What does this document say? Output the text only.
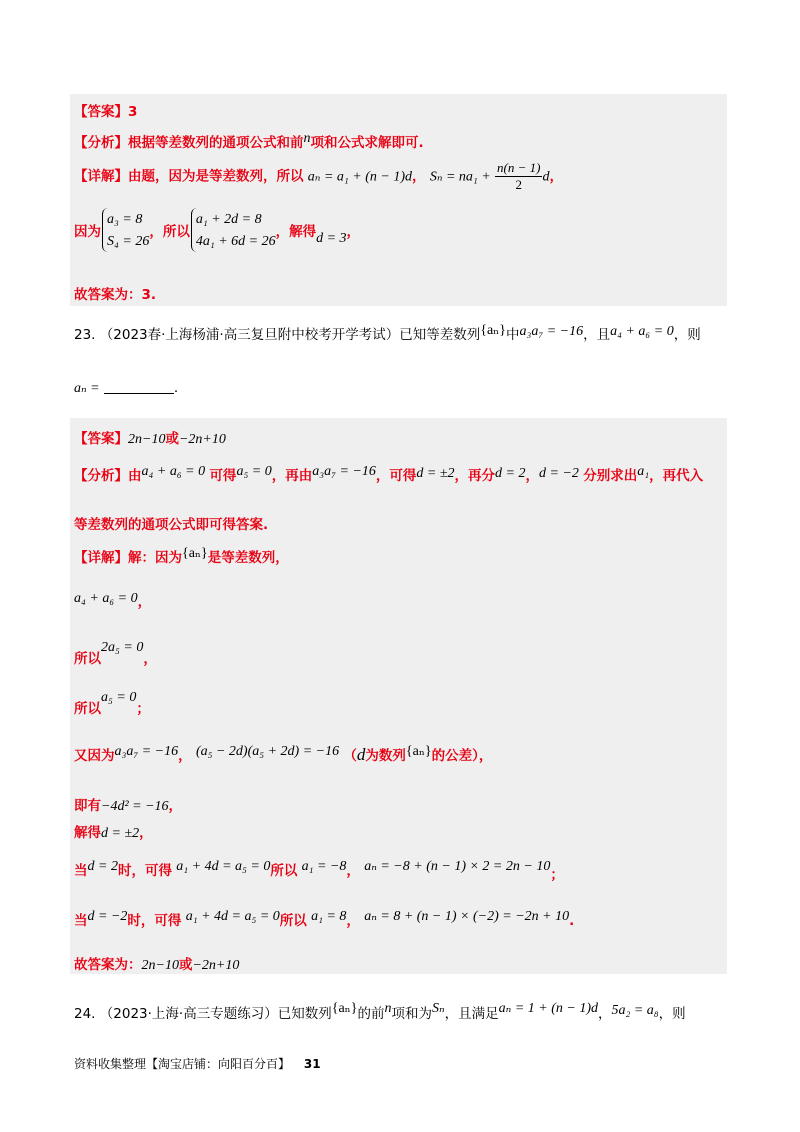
【答案】3
【分析】根据等差数列的通项公式和前n项和公式求解即可.
【详解】由题，因为是等差数列，所以 aₙ = a₁ + (n − 1)d， $S_n = na_1 + \frac{n(n - 1)}{2}$ d，
因为a₃ = 8
S₄ = 26，所以a₁ + 2d = 8
4a₁ + 6d = 26，解得d = 3，
故答案为：3.
23. （2023春·上海杨浦·高三复旦附中校考开学考试）已知等差数列{aₙ}中a₃a₇ = −16，且a₄ + a₆ = 0，则
aₙ =	.
【答案】2n−10或−2n+10
【分析】由a₄ + a₆ = 0 可得a₅ = 0，再由a₃a₇ = −16，可得d = ±2，再分d = 2，d = −2 分别求出a₁，再代入
等差数列的通项公式即可得答案.
【详解】解：因为{aₙ}是等差数列，
a₄ + a₆ = 0，
所以2a₅ = 0，
所以a₅ = 0；
又因为a₃a₇ = −16， (a₅ − 2d)(a₅ + 2d) = −16 （d为数列{aₙ}的公差），
即有−4d² = −16，
解得d = ±2，
当d = 2时，可得 a₁ + 4d = a₅ = 0所以 a₁ = −8， aₙ = −8 + (n − 1) × 2 = 2n − 10；
当d = −2时，可得 a₁ + 4d = a₅ = 0所以 a₁ = 8， aₙ = 8 + (n − 1) × (−2) = −2n + 10.
故答案为：2n−10或−2n+10
24. （2023·上海·高三专题练习）已知数列{aₙ}的前n项和为Sₙ，且满足aₙ = 1 + (n − 1)d，5a₂ = a₈，则
资料收集整理【淘宝店铺：向阳百分百】 31
